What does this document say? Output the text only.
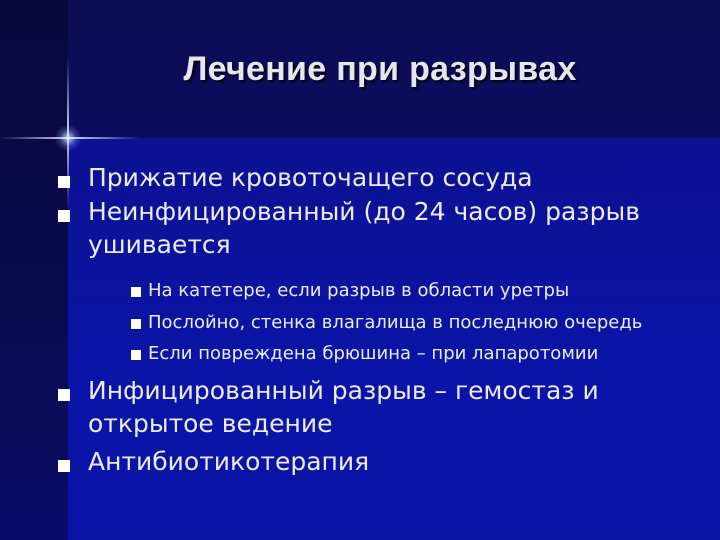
Лечение при разрывах
Прижатие кровоточащего сосуда
Неинфицированный (до 24 часов) разрыв ушивается
На катетере, если разрыв в области уретры
Послойно, стенка влагалища в последнюю очередь
Если повреждена брюшина – при лапаротомии
Инфицированный разрыв – гемостаз и открытое ведение
Антибиотикотерапия
